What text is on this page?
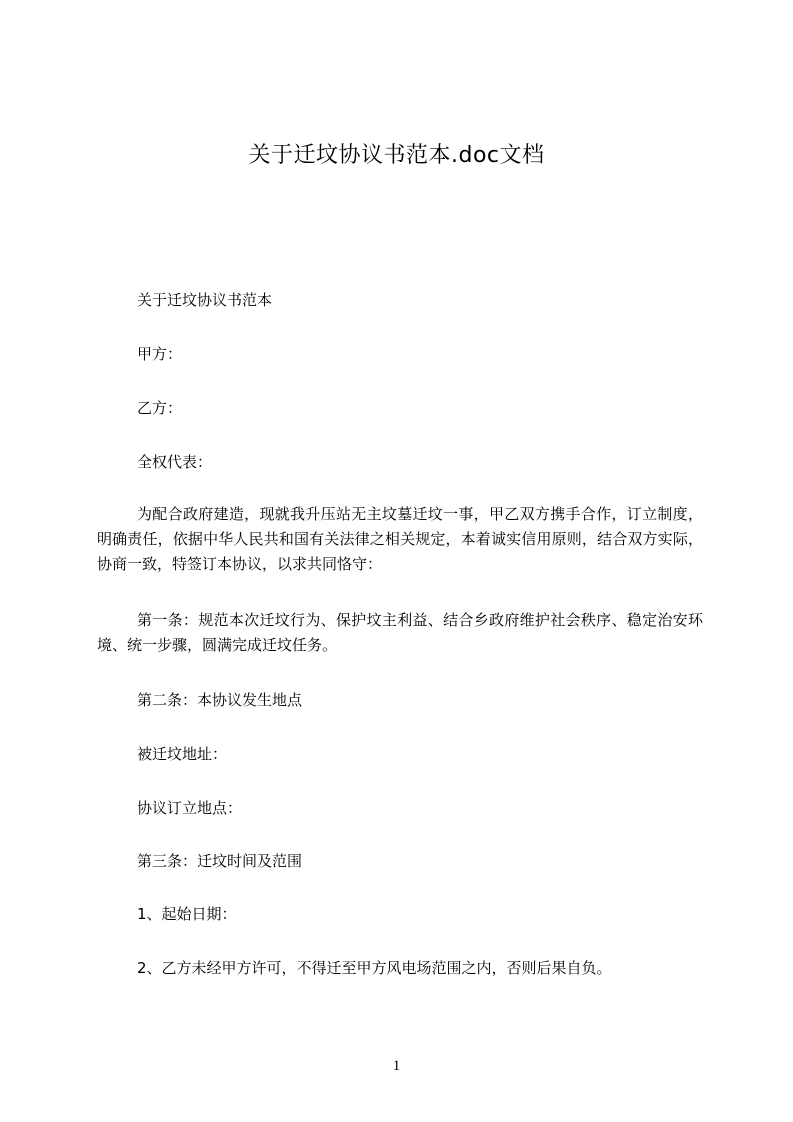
关于迁坟协议书范本.doc文档
关于迁坟协议书范本
甲方：
乙方：
全权代表：
为配合政府建造，现就我升压站无主坟墓迁坟一事，甲乙双方携手合作，订立制度，明确责任，依据中华人民共和国有关法律之相关规定，本着诚实信用原则，结合双方实际，协商一致，特签订本协议，以求共同恪守：
第一条：规范本次迁坟行为、保护坟主利益、结合乡政府维护社会秩序、稳定治安环境、统一步骤，圆满完成迁坟任务。
第二条：本协议发生地点
被迁坟地址：
协议订立地点：
第三条：迁坟时间及范围
1、起始日期：
2、乙方未经甲方许可，不得迁至甲方风电场范围之内，否则后果自负。
1
